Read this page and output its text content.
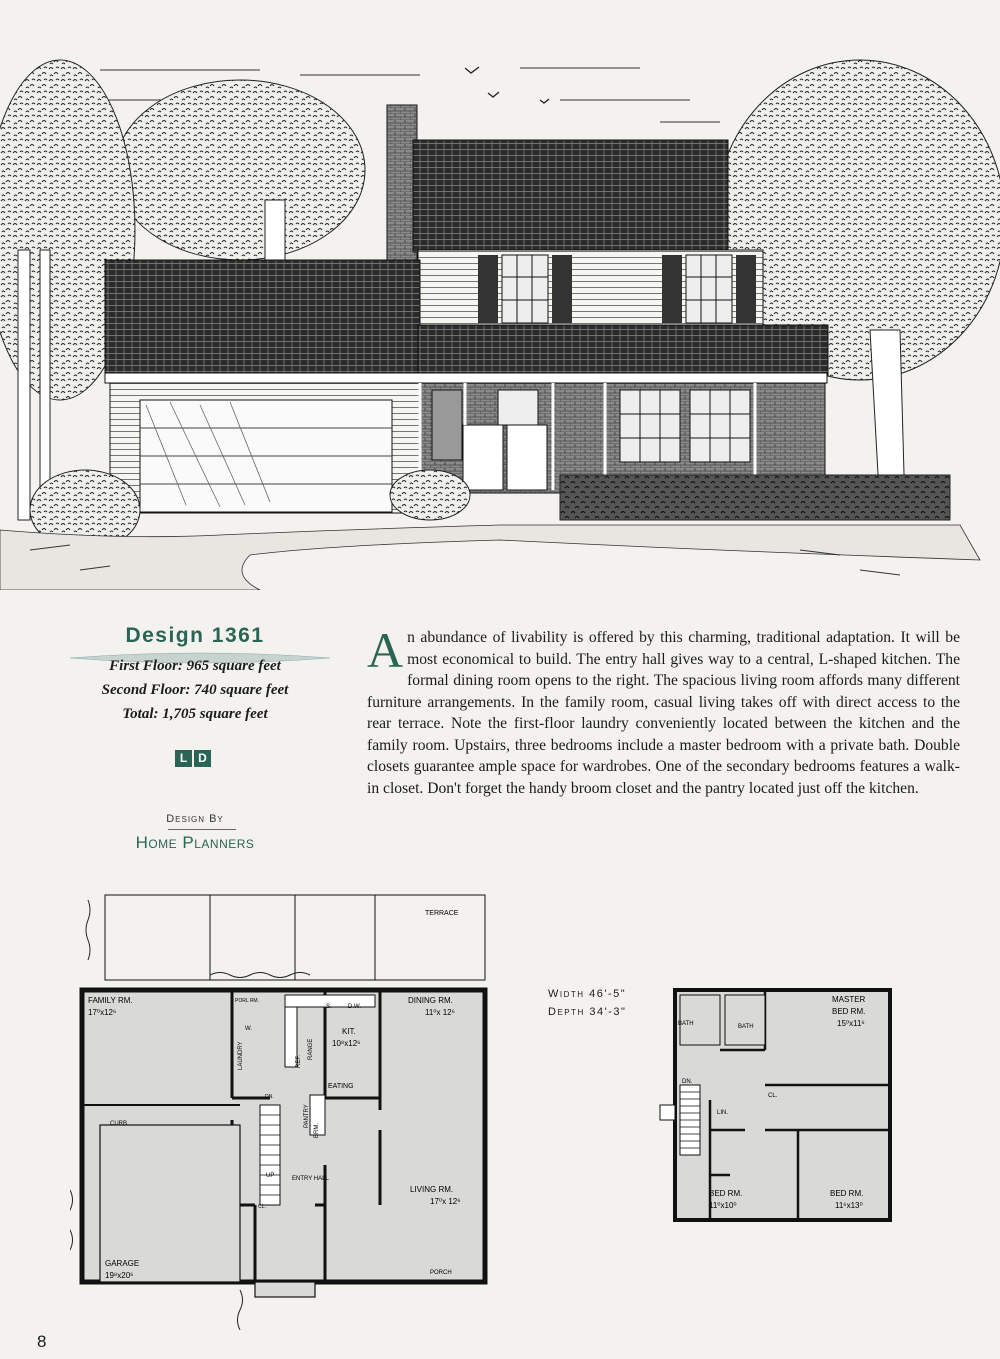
Design 1361
First Floor: 965 square feet
Second Floor: 740 square feet
Total: 1,705 square feet
L D
Design By
Home Planners
An abundance of livability is offered by this charming, traditional adaptation. It will be most economical to build. The entry hall gives way to a central, L-shaped kitchen. The formal dining room opens to the right. The spacious living room affords many different furniture arrangements. In the family room, casual living takes off with direct access to the rear terrace. Note the first-floor laundry conveniently located between the kitchen and the family room. Upstairs, three bedrooms include a master bedroom with a private bath. Double closets guarantee ample space for wardrobes. One of the secondary bedrooms features a walk-in closet. Don't forget the handy broom closet and the pantry located just off the kitchen.
Width 46'-5"
Depth 34'-3"
TERRACE
FAMILY RM.
17⁰x12⁶
DINING RM.
11⁰x 12⁶
KIT.
10⁸x12⁶
EATING
LAUNDRY	RANGE
REF.
PANTRY
BRM.
S.	D.W.
W.
PORL RM.
ENTRY HALL
LIVING RM.
17⁰x 12⁶
GARAGE
19⁸x20⁶
CURB
PORCH
DN.
UP
CL.
MASTER
BED RM.
15⁰x11⁶
BATH	BATH
DN.
LIN.
CL.
BED RM.
11⁰x10⁰
BED RM.
11⁶x13⁰
8
